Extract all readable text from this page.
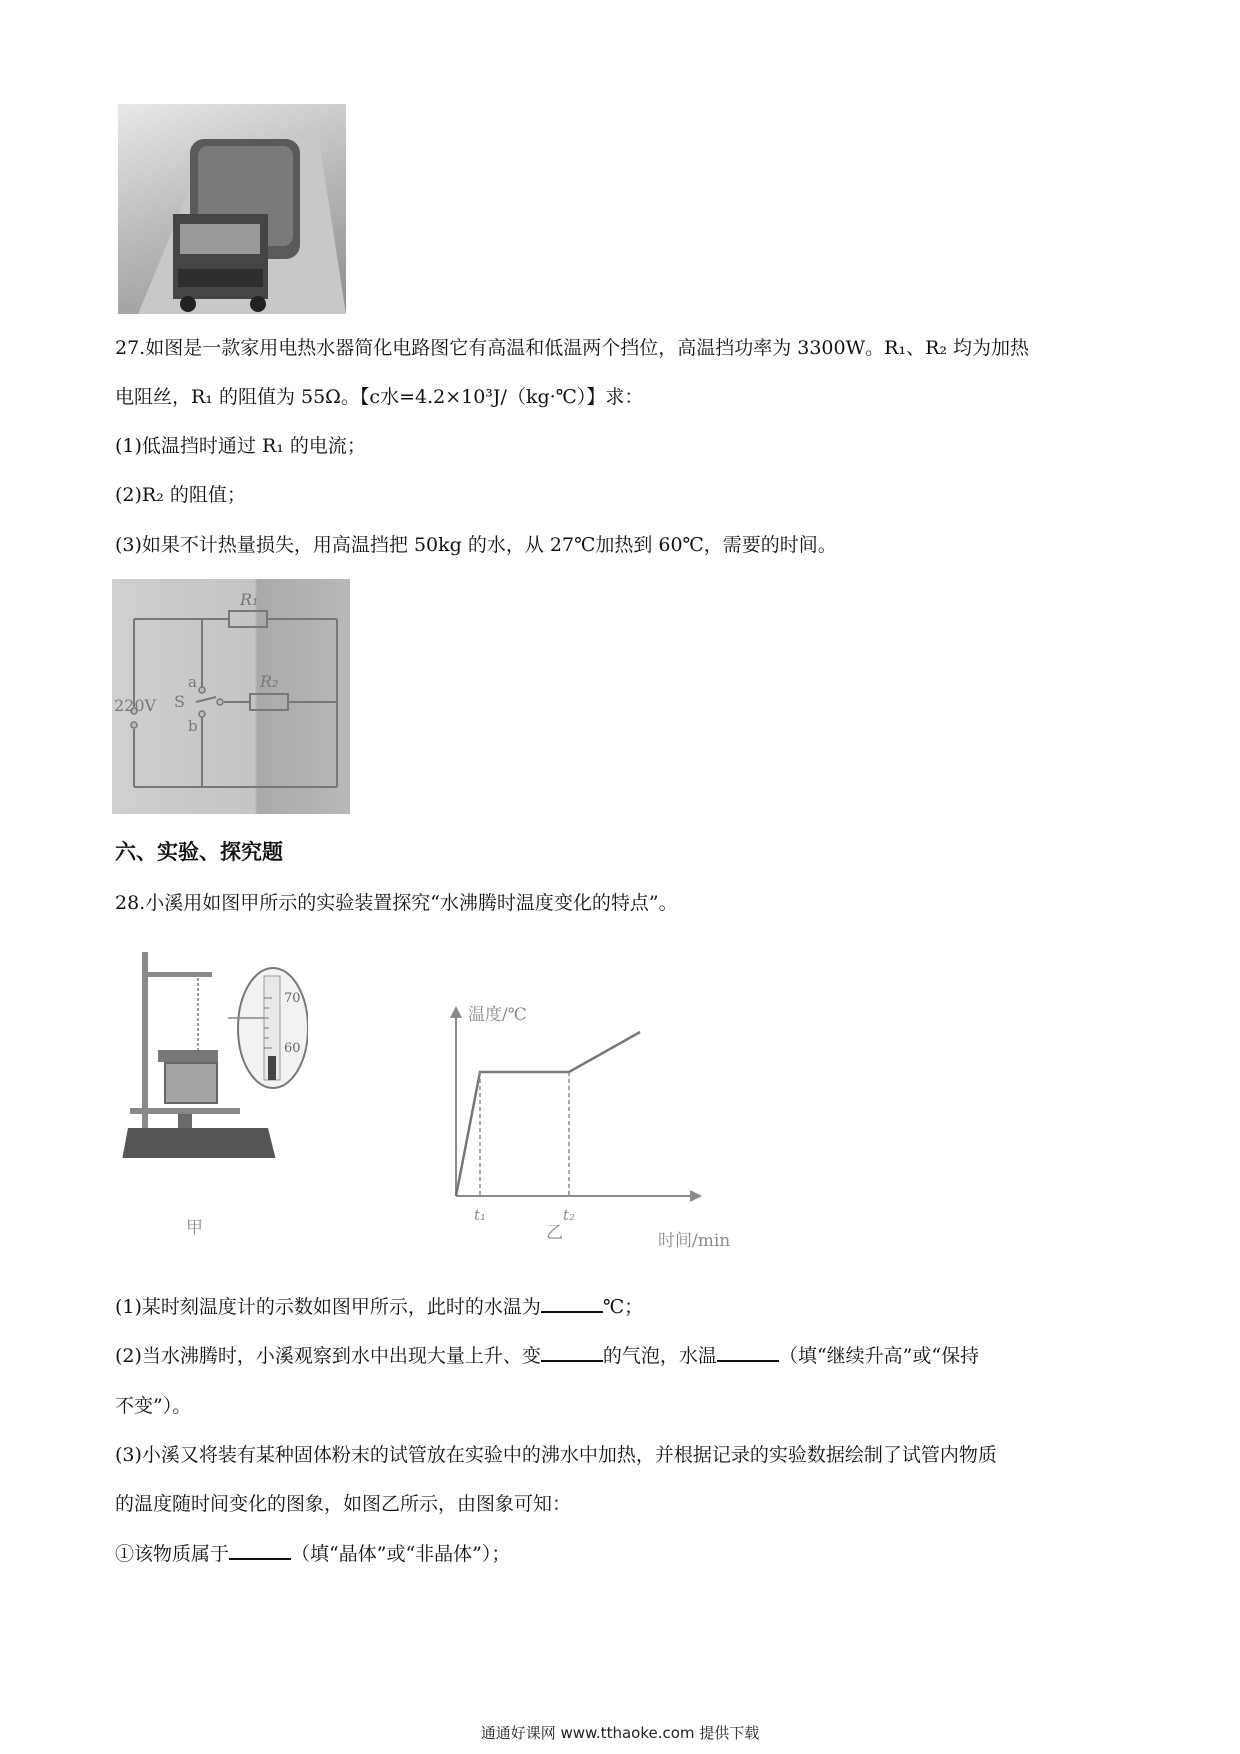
27.如图是一款家用电热水器简化电路图它有高温和低温两个挡位，高温挡功率为 3300W。R₁、R₂ 均为加热
电阻丝，R₁ 的阻值为 55Ω。【c水=4.2×10³J/（kg·℃）】求：
(1)低温挡时通过 R₁ 的电流；
(2)R₂ 的阻值；
(3)如果不计热量损失，用高温挡把 50kg 的水，从 27℃加热到 60℃，需要的时间。
R₁
R₂
220V S
a
b
六、实验、探究题
28.小溪用如图甲所示的实验装置探究“水沸腾时温度变化的特点”。
70
60
甲
温度/℃
时间/min
t₁	t₂
乙
(1)某时刻温度计的示数如图甲所示，此时的水温为	℃；
(2)当水沸腾时，小溪观察到水中出现大量上升、变	的气泡，水温	（填“继续升高”或“保持
不变”）。
(3)小溪又将装有某种固体粉末的试管放在实验中的沸水中加热，并根据记录的实验数据绘制了试管内物质
的温度随时间变化的图象，如图乙所示，由图象可知：
①该物质属于	（填“晶体”或“非晶体”）；
通通好课网 www.tthaoke.com 提供下载
